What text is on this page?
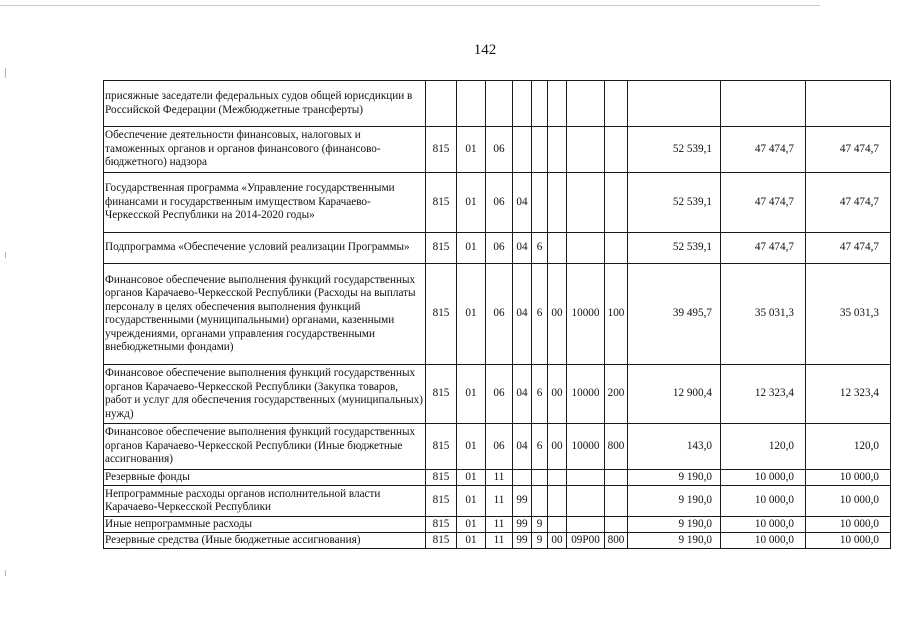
142
присяжные заседатели федеральных судов общей юрисдикции в Российской Федерации (Межбюджетные трансферты)											
Обеспечение деятельности финансовых, налоговых и таможенных органов и органов финансового (финансово-бюджетного) надзора	815	01	06						52 539,1	47 474,7	47 474,7
Государственная программа «Управление государственными финансами и государственным имуществом Карачаево-Черкесской Республики на 2014-2020 годы»	815	01	06	04					52 539,1	47 474,7	47 474,7
Подпрограмма «Обеспечение условий реализации Программы»	815	01	06	04	6				52 539,1	47 474,7	47 474,7
Финансовое обеспечение выполнения функций государственных органов Карачаево-Черкесской Республики (Расходы на выплаты персоналу в целях обеспечения выполнения функций государственными (муниципальными) органами, казенными учреждениями, органами управления государственными внебюджетными фондами)	815	01	06	04	6	00	10000	100	39 495,7	35 031,3	35 031,3
Финансовое обеспечение выполнения функций государственных органов Карачаево-Черкесской Республики (Закупка товаров, работ и услуг для обеспечения государственных (муниципальных) нужд)	815	01	06	04	6	00	10000	200	12 900,4	12 323,4	12 323,4
Финансовое обеспечение выполнения функций государственных органов Карачаево-Черкесской Республики (Иные бюджетные ассигнования)	815	01	06	04	6	00	10000	800	143,0	120,0	120,0
Резервные фонды	815	01	11						9 190,0	10 000,0	10 000,0
Непрограммные расходы органов исполнительной власти Карачаево-Черкесской Республики	815	01	11	99					9 190,0	10 000,0	10 000,0
Иные непрограммные расходы	815	01	11	99	9				9 190,0	10 000,0	10 000,0
Резервные средства (Иные бюджетные ассигнования)	815	01	11	99	9	00	09Р00	800	9 190,0	10 000,0	10 000,0
